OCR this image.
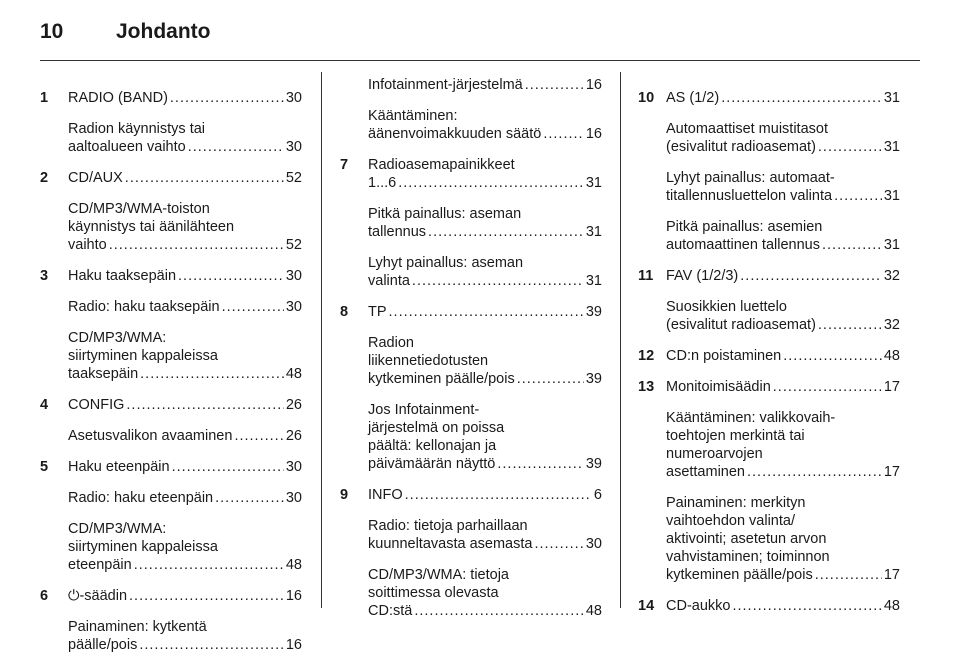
10	Johdanto
1 RADIO (BAND) .....	30
Radion käynnistys tai
aaltoalueen vaihto .....	30
2 CD/AUX .....	52
CD/MP3/WMA-toiston
käynnistys tai äänilähteen
vaihto .....	52
3 Haku taaksepäin .....	30
Radio: haku taaksepäin .....	30
CD/MP3/WMA:
siirtyminen kappaleissa
taaksepäin .....	48
4 CONFIG .....	26
Asetusvalikon avaaminen .....	26
5 Haku eteenpäin .....	30
Radio: haku eteenpäin .....	30
CD/MP3/WMA:
siirtyminen kappaleissa
eteenpäin .....	48
6 ⏻-säädin .....	16
Painaminen: kytkentä
päälle/pois .....	16
Infotainment-järjestelmä .....	16
Kääntäminen:
äänenvoimakkuuden säätö .....	16
7 Radioasemapainikkeet
1...6 .....	31
Pitkä painallus: aseman
tallennus .....	31
Lyhyt painallus: aseman
valinta .....	31
8 TP .....	39
Radion
liikennetiedotusten
kytkeminen päälle/pois .....	39
Jos Infotainment-
järjestelmä on poissa
päältä: kellonajan ja
päivämäärän näyttö .....	39
9 INFO .....	6
Radio: tietoja parhaillaan
kuunneltavasta asemasta .....	30
CD/MP3/WMA: tietoja
soittimessa olevasta
CD:stä .....	48
10 AS (1/2) .....	31
Automaattiset muistitasot
(esivalitut radioasemat) .....	31
Lyhyt painallus: automaat-
titallennusluettelon valinta .....	31
Pitkä painallus: asemien
automaattinen tallennus .....	31
11 FAV (1/2/3) .....	32
Suosikkien luettelo
(esivalitut radioasemat) .....	32
12 CD:n poistaminen .....	48
13 Monitoimisäädin .....	17
Kääntäminen: valikkovaih-
toehtojen merkintä tai
numeroarvojen
asettaminen .....	17
Painaminen: merkityn
vaihtoehdon valinta/
aktivointi; asetetun arvon
vahvistaminen; toiminnon
kytkeminen päälle/pois .....	17
14 CD-aukko .....	48
